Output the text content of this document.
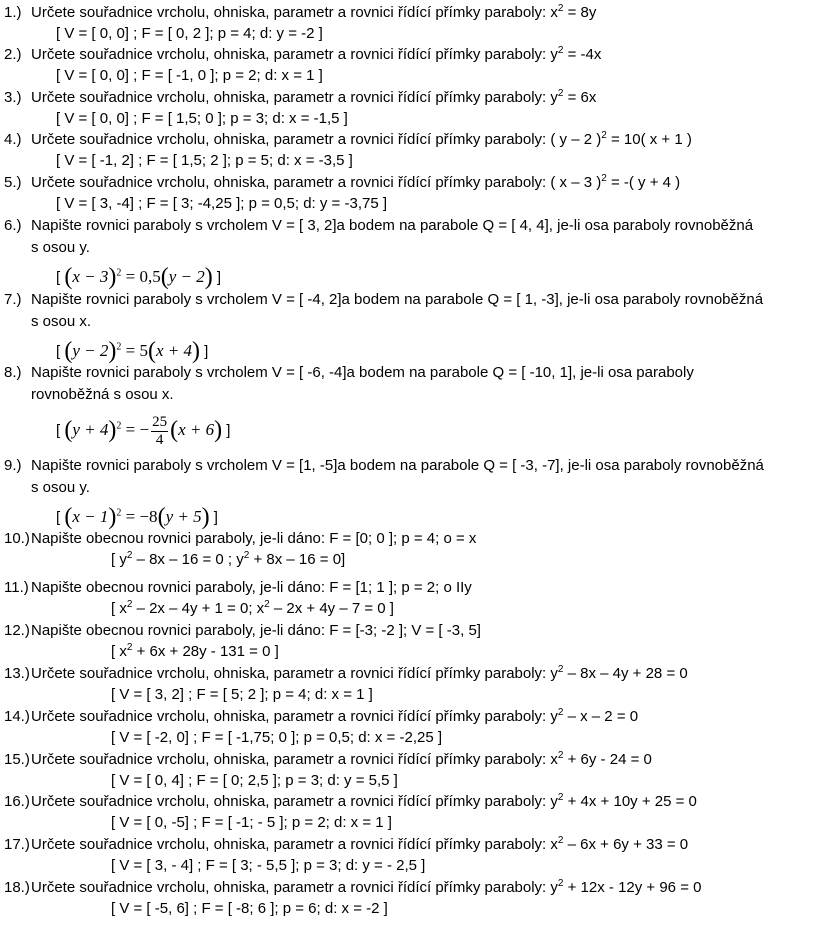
1.) Určete souřadnice vrcholu, ohniska, parametr a rovnici řídící přímky paraboly: $x^2 = 8y$
[ V = [ 0, 0] ; F = [ 0, 2 ]; p = 4; d: y = -2 ]
2.) Určete souřadnice vrcholu, ohniska, parametr a rovnici řídící přímky paraboly: $y^2 = -4x$
[ V = [ 0, 0] ; F = [ -1, 0 ]; p = 2; d: x = 1 ]
3.) Určete souřadnice vrcholu, ohniska, parametr a rovnici řídící přímky paraboly: $y^2 = 6x$
[ V = [ 0, 0] ; F = [ 1,5; 0 ]; p = 3; d: x = -1,5 ]
4.) Určete souřadnice vrcholu, ohniska, parametr a rovnici řídící přímky paraboly: ( y – 2 )$^2$ = 10( x + 1 )
[ V = [ -1, 2] ; F = [ 1,5; 2 ]; p = 5; d: x = -3,5 ]
5.) Určete souřadnice vrcholu, ohniska, parametr a rovnici řídící přímky paraboly: ( x – 3 )$^2$ = -( y + 4 )
[ V = [ 3, -4] ; F = [ 3; -4,25 ]; p = 0,5; d: y = -3,75 ]
6.) Napište rovnici paraboly s vrcholem V = [ 3, 2]a bodem na parabole Q = [ 4, 4], je-li osa paraboly rovnoběžná
s osou y.
[ $(x - 3)^2 = 0,5(y - 2)$ ]
7.) Napište rovnici paraboly s vrcholem V = [ -4, 2]a bodem na parabole Q = [ 1, -3], je-li osa paraboly rovnoběžná
s osou x.
[ $(y - 2)^2 = 5(x + 4)$ ]
8.) Napište rovnici paraboly s vrcholem V = [ -6, -4]a bodem na parabole Q = [ -10, 1], je-li osa paraboly
rovnoběžná s osou x.
[ $(y + 4)^2$ = − $\frac{25}{4} (x + 6)$ ]
9.) Napište rovnici paraboly s vrcholem V = [1, -5]a bodem na parabole Q = [ -3, -7], je-li osa paraboly rovnoběžná
s osou y.
[ $(x - 1)^2 = -8(y + 5)$ ]
10.) Napište obecnou rovnici paraboly, je-li dáno: F = [0; 0 ]; p = 4; o = x
[ $y^2 - 8x - 16 = 0$ ; $y^2 + 8x - 16 = 0$]
11.) Napište obecnou rovnici paraboly, je-li dáno: F = [1; 1 ]; p = 2; o IIy
[ $x^2 - 2x - 4y + 1 = 0$; $x^2 - 2x + 4y - 7 = 0$ ]
12.) Napište obecnou rovnici paraboly, je-li dáno: F = [-3; -2 ]; V = [ -3, 5]
[ $x^2 + 6x + 28y - 131 = 0$ ]
13.) Určete souřadnice vrcholu, ohniska, parametr a rovnici řídící přímky paraboly: $y^2 - 8x - 4y + 28 = 0$
[ V = [ 3, 2] ; F = [ 5; 2 ]; p = 4; d: x = 1 ]
14.) Určete souřadnice vrcholu, ohniska, parametr a rovnici řídící přímky paraboly: $y^2 - x - 2 = 0$
[ V = [ -2, 0] ; F = [ -1,75; 0 ]; p = 0,5; d: x = -2,25 ]
15.) Určete souřadnice vrcholu, ohniska, parametr a rovnici řídící přímky paraboly: $x^2 + 6y - 24 = 0$
[ V = [ 0, 4] ; F = [ 0; 2,5 ]; p = 3; d: y = 5,5 ]
16.) Určete souřadnice vrcholu, ohniska, parametr a rovnici řídící přímky paraboly: $y^2 + 4x + 10y + 25 = 0$
[ V = [ 0, -5] ; F = [ -1; - 5 ]; p = 2; d: x = 1 ]
17.) Určete souřadnice vrcholu, ohniska, parametr a rovnici řídící přímky paraboly: $x^2 - 6x + 6y + 33 = 0$
[ V = [ 3, - 4] ; F = [ 3; - 5,5 ]; p = 3; d: y = - 2,5 ]
18.) Určete souřadnice vrcholu, ohniska, parametr a rovnici řídící přímky paraboly: $y^2 + 12x - 12y + 96 = 0$
[ V = [ -5, 6] ; F = [ -8; 6 ]; p = 6; d: x = -2 ]
